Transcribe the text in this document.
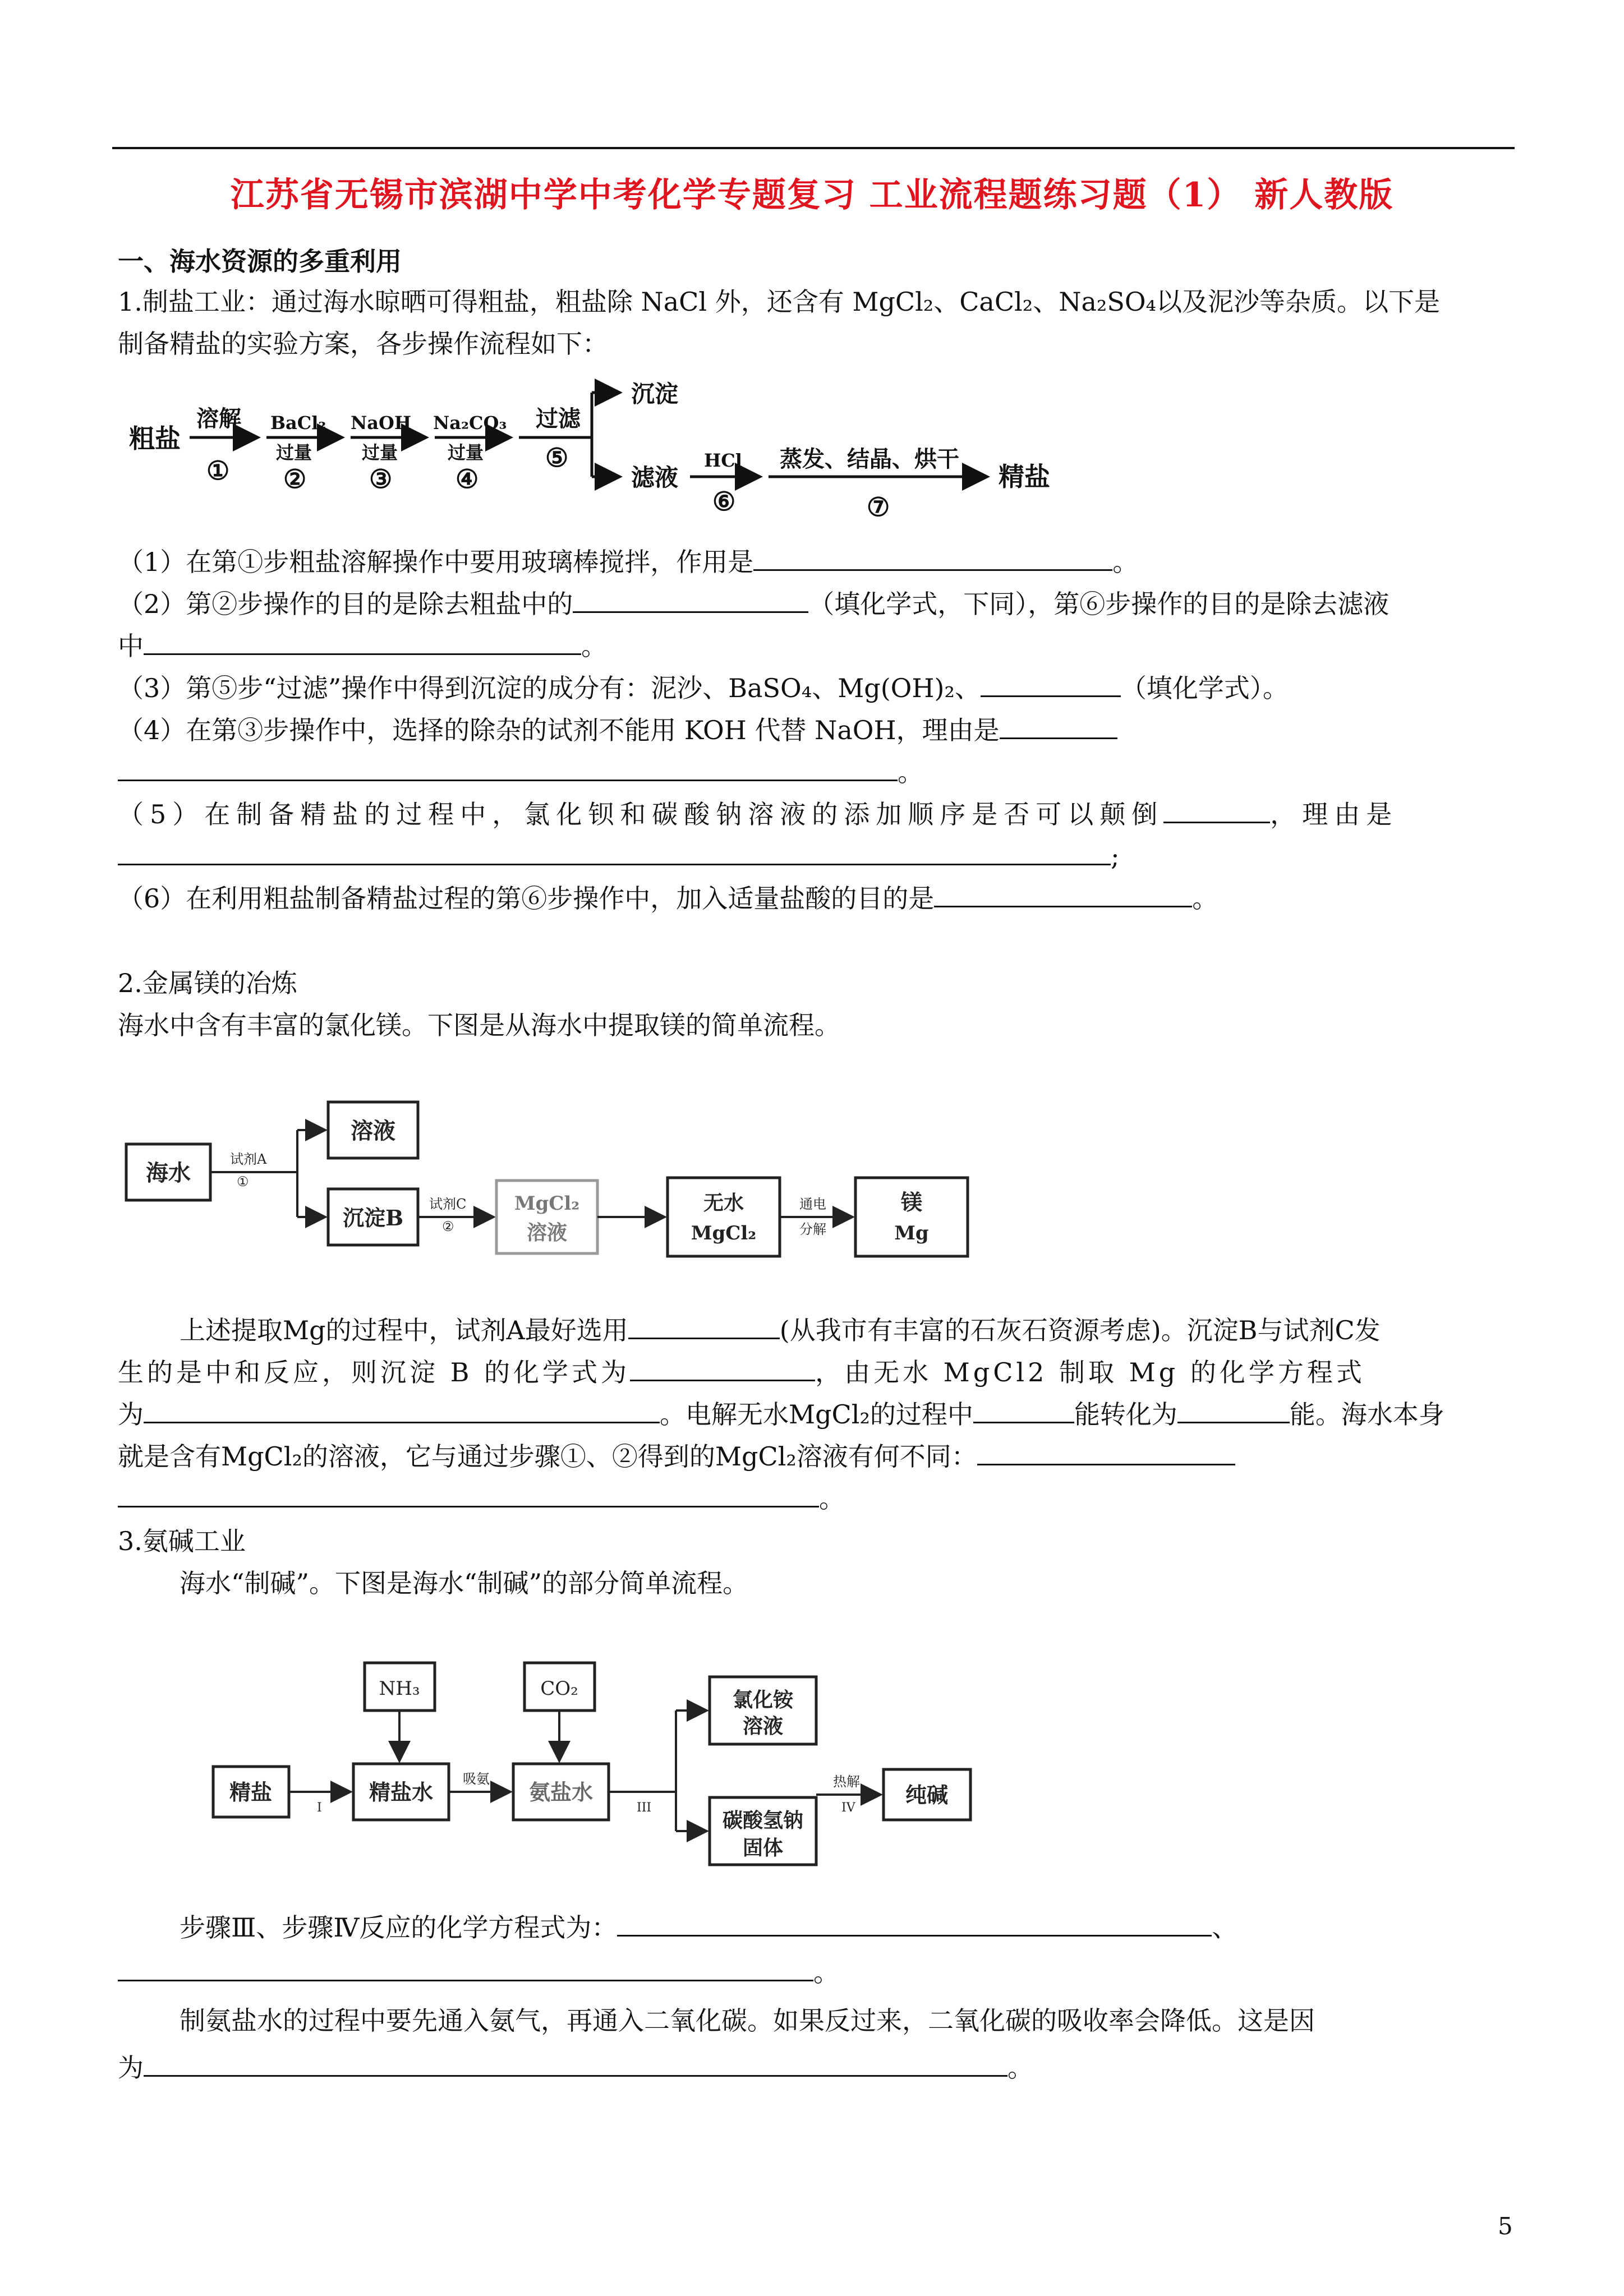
江苏省无锡市滨湖中学中考化学专题复习 工业流程题练习题（1） 新人教版
一、海水资源的多重利用
1.制盐工业：通过海水晾晒可得粗盐，粗盐除 NaCl 外，还含有 MgCl₂、CaCl₂、Na₂SO₄以及泥沙等杂质。以下是
制备精盐的实验方案，各步操作流程如下：
粗盐
溶解
①
BaCl₂
过量
②
NaOH
过量
③
Na₂CO₃
过量
④
过滤
⑤
沉淀
滤液
HCl
⑥
蒸发、结晶、烘干
⑦
精盐
（1）在第①步粗盐溶解操作中要用玻璃棒搅拌，作用是	。
（2）第②步操作的目的是除去粗盐中的	（填化学式，下同），第⑥步操作的目的是除去滤液
中	。
（3）第⑤步“过滤”操作中得到沉淀的成分有：泥沙、BaSO₄、Mg(OH)₂、	（填化学式）。
（4）在第③步操作中，选择的除杂的试剂不能用 KOH 代替 NaOH，理由是
。
（5）在制备精盐的过程中，氯化钡和碳酸钠溶液的添加顺序是否可以颠倒	，理由是
;
（6）在利用粗盐制备精盐过程的第⑥步操作中，加入适量盐酸的目的是	。
2.金属镁的冶炼
海水中含有丰富的氯化镁。下图是从海水中提取镁的简单流程。
海水
试剂A
①
溶液
沉淀B
试剂C
②
MgCl₂
溶液
无水
MgCl₂
通电
分解
镁
Mg
上述提取Mg的过程中，试剂A最好选用	(从我市有丰富的石灰石资源考虑)。沉淀B与试剂C发
生的是中和反应，则沉淀 B 的化学式为	，由无水 MgCl2 制取 Mg 的化学方程式
为	。电解无水MgCl₂的过程中	能转化为	能。海水本身
就是含有MgCl₂的溶液，它与通过步骤①、②得到的MgCl₂溶液有何不同：
。
3.氨碱工业
海水“制碱”。下图是海水“制碱”的部分简单流程。
NH₃	CO₂	氯化铵
溶液
精盐
I
精盐水
吸氨
氨盐水
III
碳酸氢钠
固体
热解
IV
纯碱
步骤Ⅲ、步骤Ⅳ反应的化学方程式为：	、
。
制氨盐水的过程中要先通入氨气，再通入二氧化碳。如果反过来，二氧化碳的吸收率会降低。这是因
为	。
5
